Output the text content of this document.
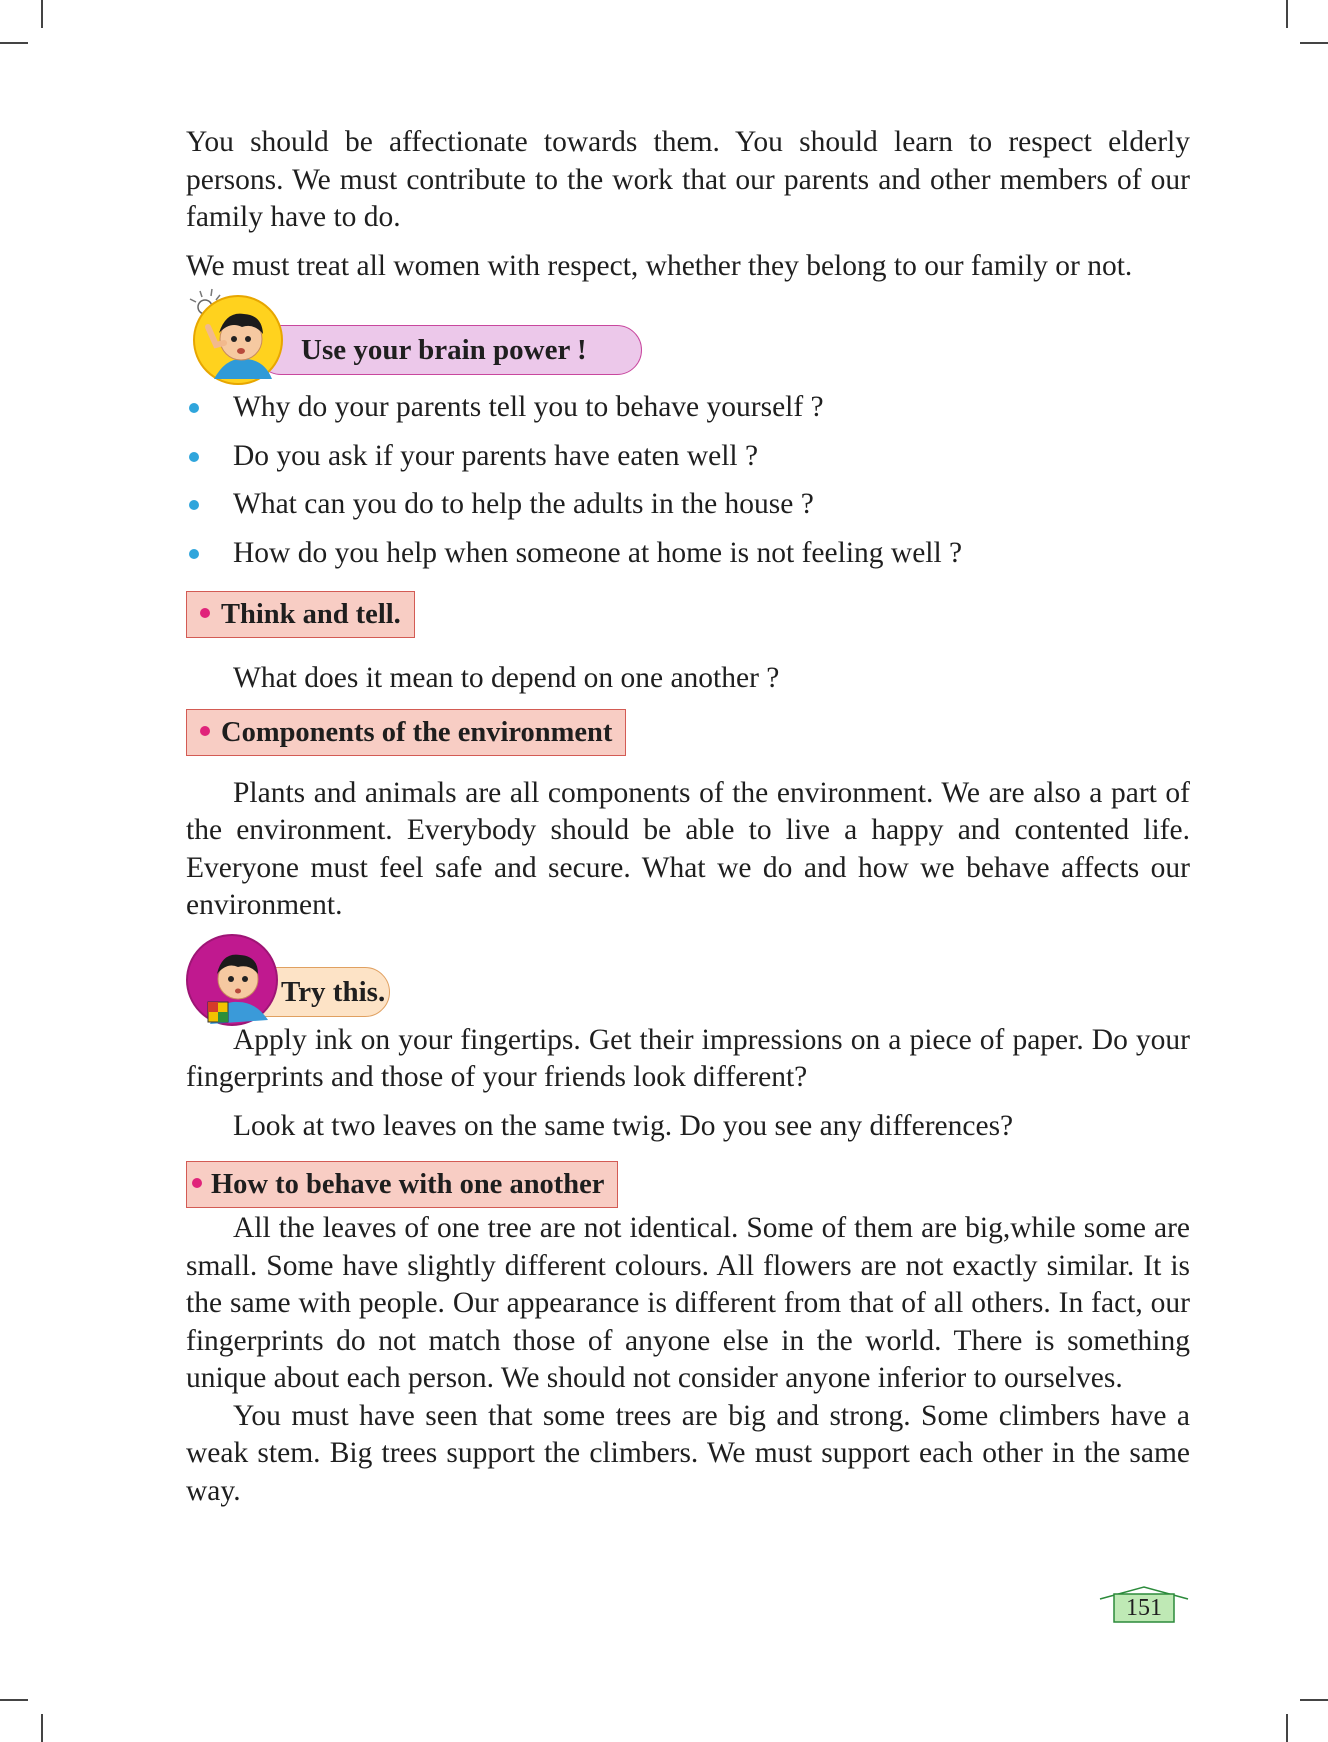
You should be affectionate towards them. You should learn to respect elderly persons. We must contribute to the work that our parents and other members of our family have to do.

We must treat all women with respect, whether they belong to our family or not.

Use your brain power !
Why do your parents tell you to behave yourself ?
Do you ask if your parents have eaten well ?
What can you do to help the adults in the house ?
How do you help when someone at home is not feeling well ?
Think and tell.

What does it mean to depend on one another ?

Components of the environment

Plants and animals are all components of the environment. We are also a part of the environment. Everybody should be able to live a happy and contented life. Everyone must feel safe and secure. What we do and how we behave affects our environment.

Try this.

Apply ink on your fingertips. Get their impressions on a piece of paper. Do your fingerprints and those of your friends look different?

Look at two leaves on the same twig. Do you see any differences?

How to behave with one another

All the leaves of one tree are not identical. Some of them are big,while some are small. Some have slightly different colours. All flowers are not exactly similar. It is the same with people. Our appearance is different from that of all others. In fact, our fingerprints do not match those of anyone else in the world. There is something unique about each person. We should not consider anyone inferior to ourselves.

You must have seen that some trees are big and strong. Some climbers have a weak stem. Big trees support the climbers. We must support each other in the same way.

151
